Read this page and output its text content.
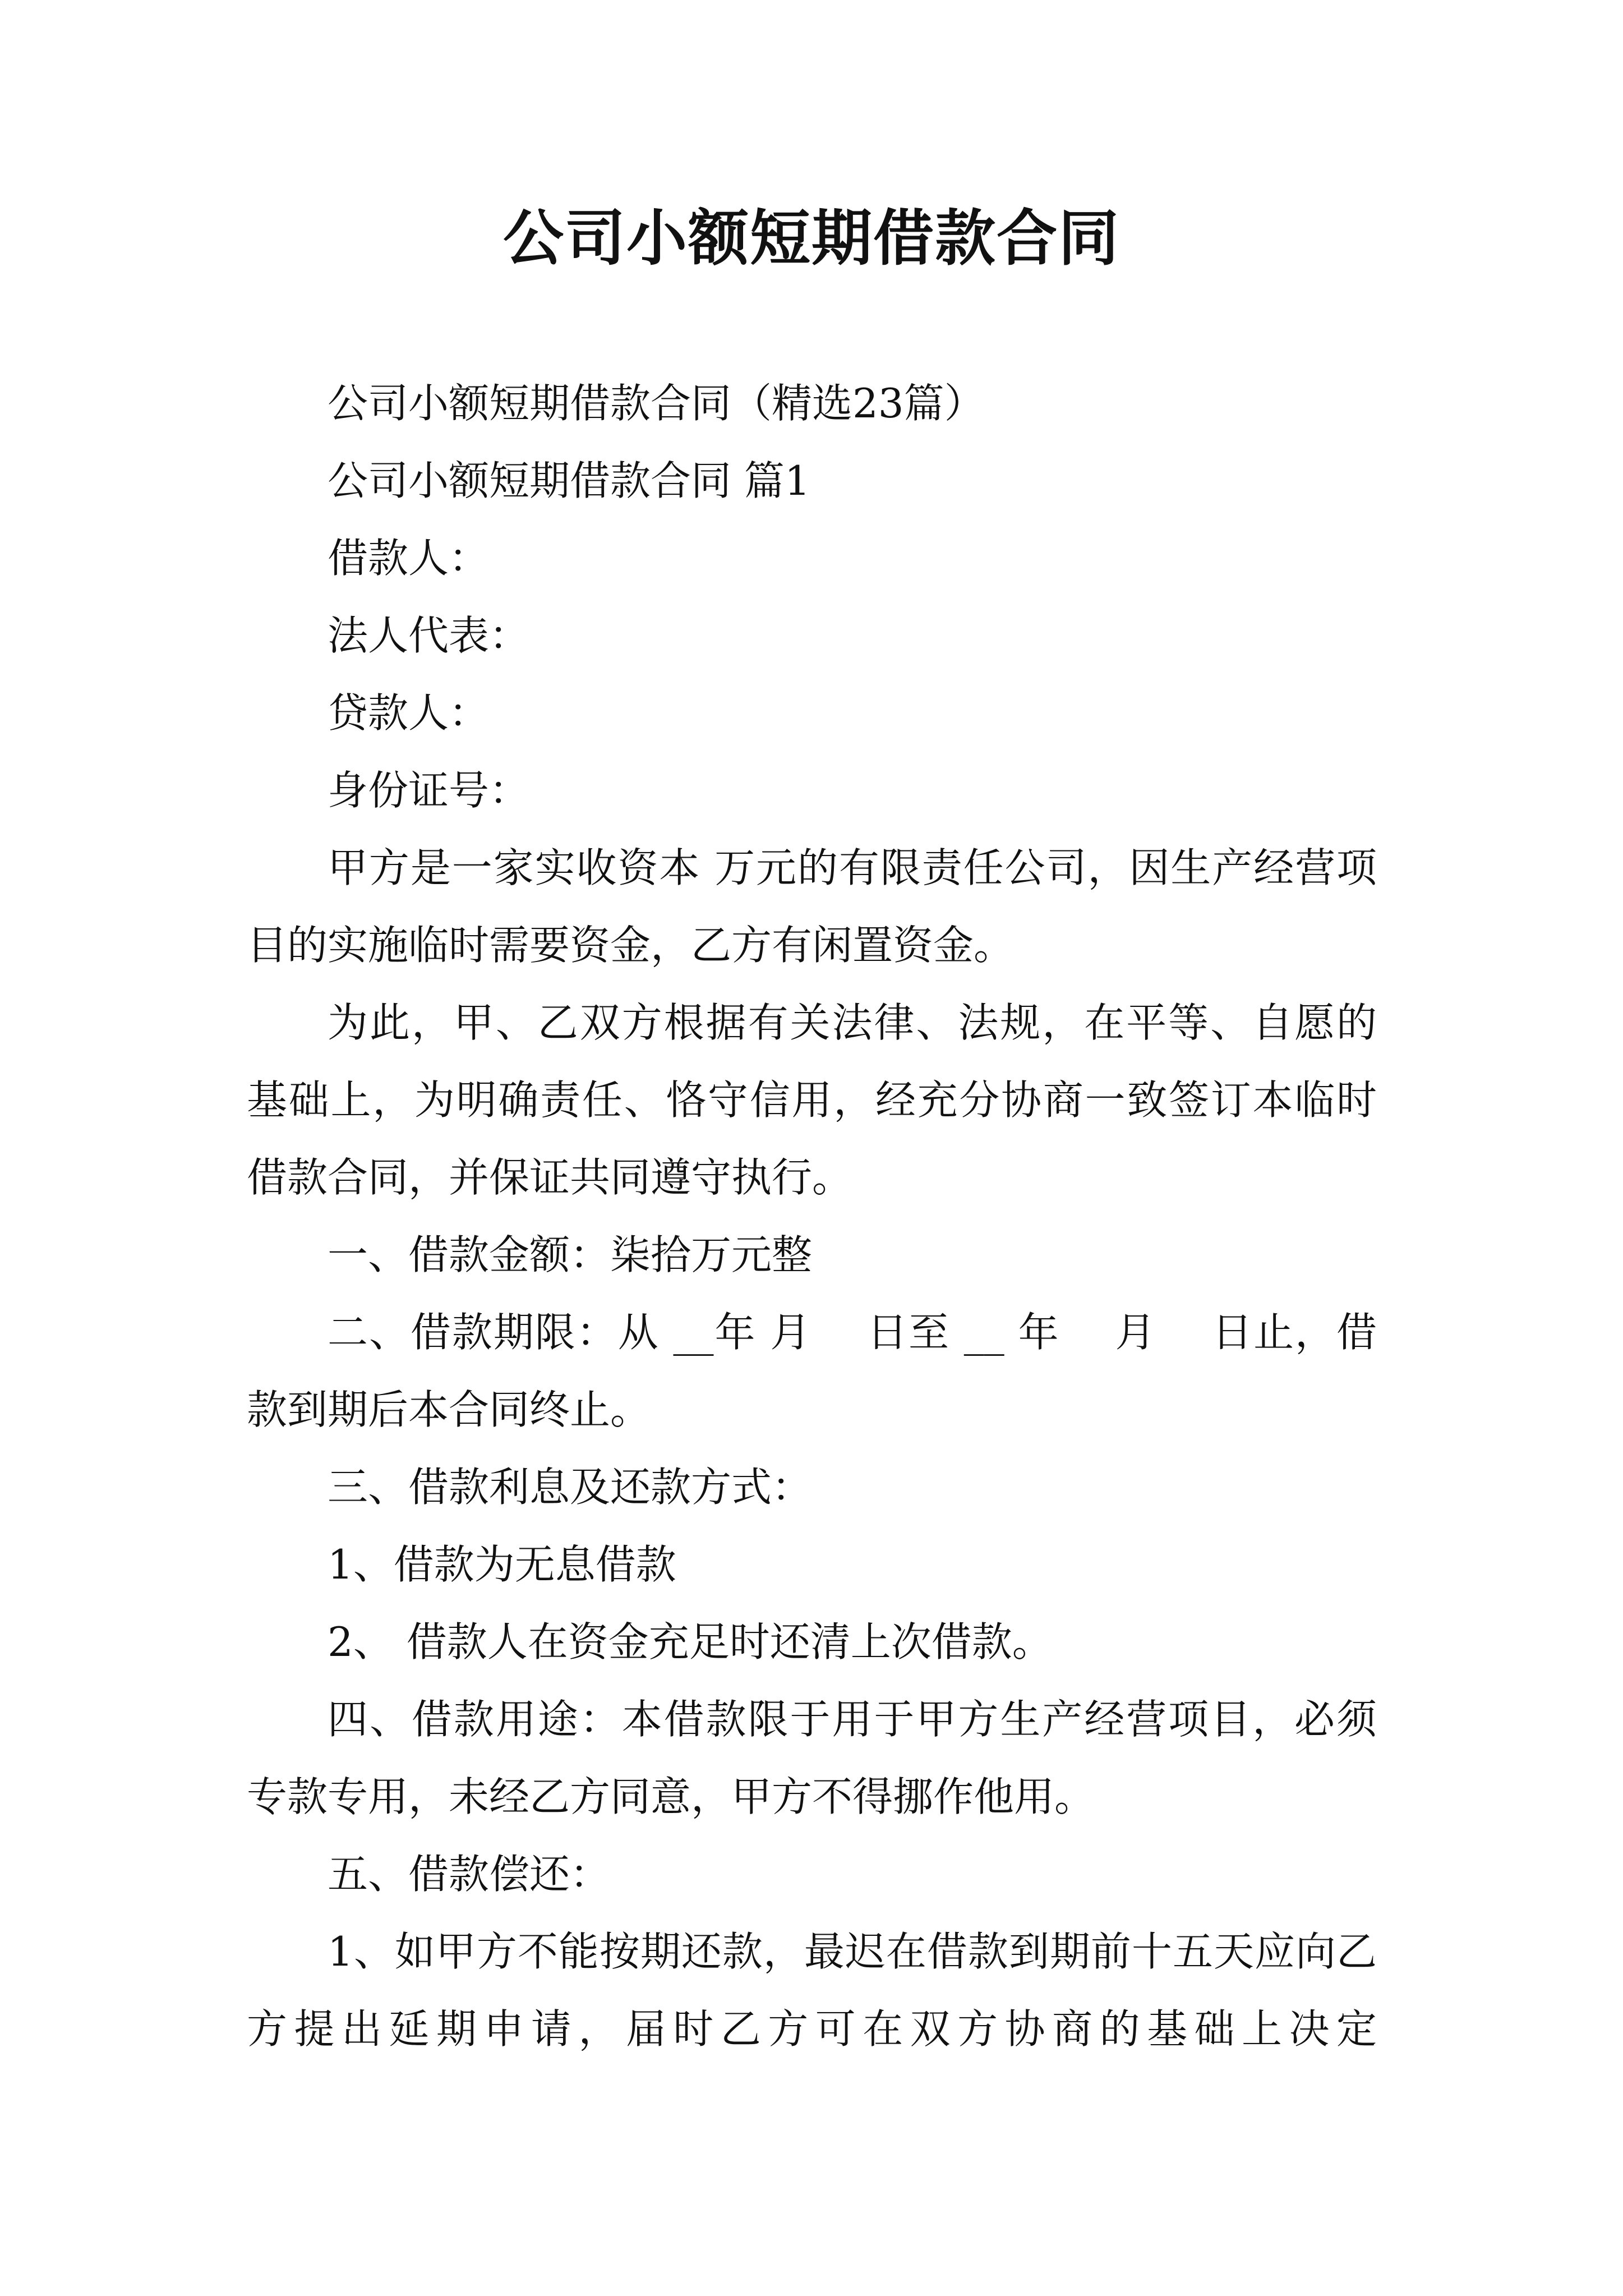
公司小额短期借款合同

公司小额短期借款合同（精选23篇）

公司小额短期借款合同 篇1

借款人：

法人代表：

贷款人：

身份证号：

甲方是一家实收资本 万元的有限责任公司，因生产经营项目的实施临时需要资金，乙方有闲置资金。

为此，甲、乙双方根据有关法律、法规，在平等、自愿的基础上，为明确责任、恪守信用，经充分协商一致签订本临时借款合同，并保证共同遵守执行。

一、借款金额：柒拾万元整

二、借款期限：从 __年 月　 日至 __ 年　 月　 日止，借款到期后本合同终止。

三、借款利息及还款方式：

1、借款为无息借款

2、 借款人在资金充足时还清上次借款。

四、借款用途：本借款限于用于甲方生产经营项目，必须专款专用，未经乙方同意，甲方不得挪作他用。

五、借款偿还：

1、如甲方不能按期还款，最迟在借款到期前十五天应向乙方提出延期申请，届时乙方可在双方协商的基础上决定
